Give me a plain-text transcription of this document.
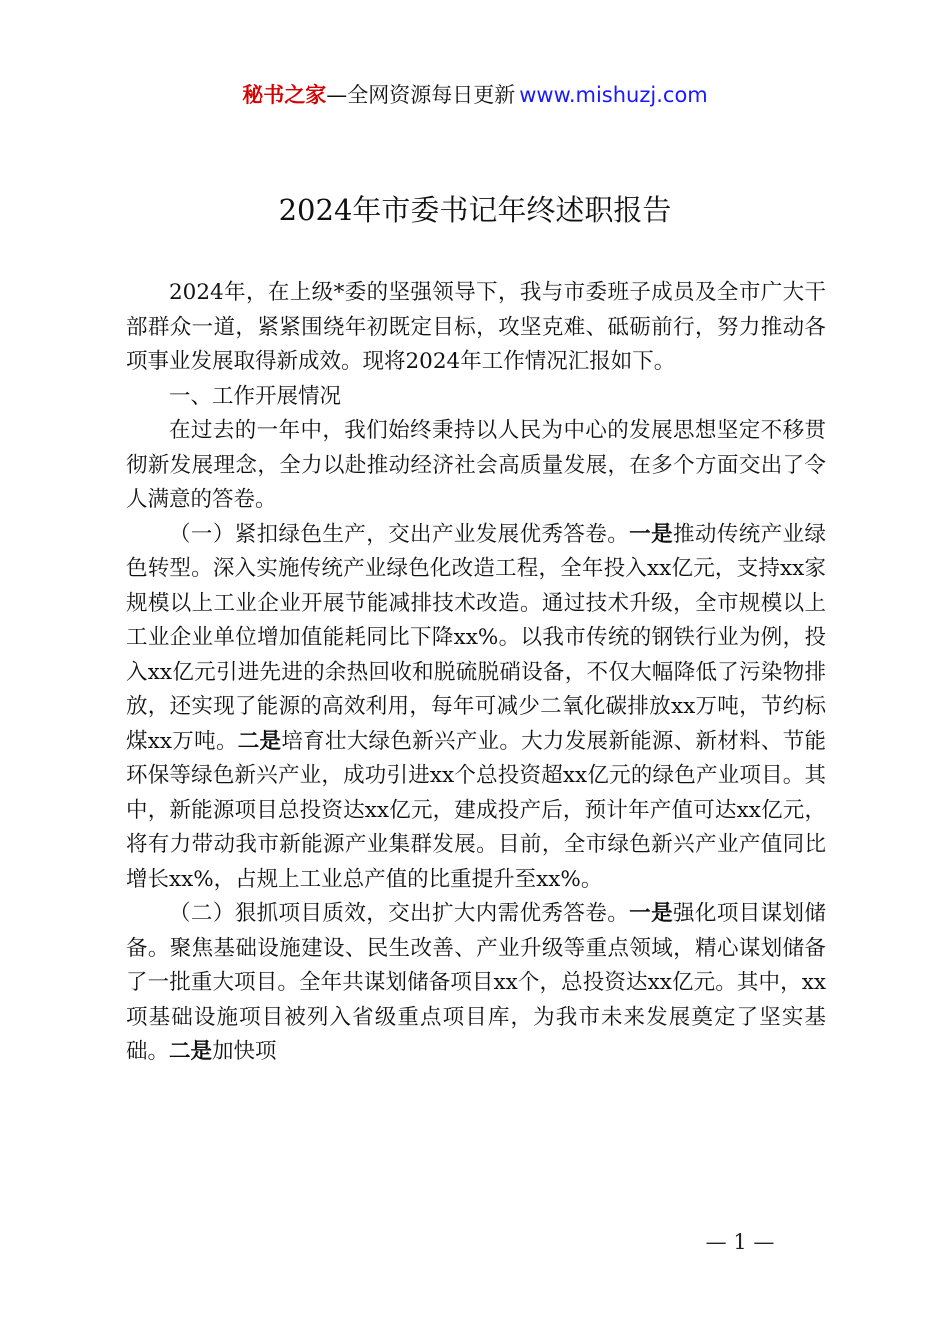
秘书之家—全网资源每日更新 www.mishuzj.com
2024年市委书记年终述职报告

2024年，在上级*委的坚强领导下，我与市委班子成员及全市广大干部群众一道，紧紧围绕年初既定目标，攻坚克难、砥砺前行，努力推动各项事业发展取得新成效。现将2024年工作情况汇报如下。

一、工作开展情况

在过去的一年中，我们始终秉持以人民为中心的发展思想坚定不移贯彻新发展理念，全力以赴推动经济社会高质量发展，在多个方面交出了令人满意的答卷。

（一）紧扣绿色生产，交出产业发展优秀答卷。一是推动传统产业绿色转型。深入实施传统产业绿色化改造工程，全年投入xx亿元，支持xx家规模以上工业企业开展节能减排技术改造。通过技术升级，全市规模以上工业企业单位增加值能耗同比下降xx%。以我市传统的钢铁行业为例，投入xx亿元引进先进的余热回收和脱硫脱硝设备，不仅大幅降低了污染物排放，还实现了能源的高效利用，每年可减少二氧化碳排放xx万吨，节约标煤xx万吨。二是培育壮大绿色新兴产业。大力发展新能源、新材料、节能环保等绿色新兴产业，成功引进xx个总投资超xx亿元的绿色产业项目。其中，新能源项目总投资达xx亿元，建成投产后，预计年产值可达xx亿元，将有力带动我市新能源产业集群发展。目前，全市绿色新兴产业产值同比增长xx%，占规上工业总产值的比重提升至xx%。

（二）狠抓项目质效，交出扩大内需优秀答卷。一是强化项目谋划储备。聚焦基础设施建设、民生改善、产业升级等重点领域，精心谋划储备了一批重大项目。全年共谋划储备项目xx个，总投资达xx亿元。其中，xx项基础设施项目被列入省级重点项目库，为我市未来发展奠定了坚实基础。二是加快项

— 1 —
